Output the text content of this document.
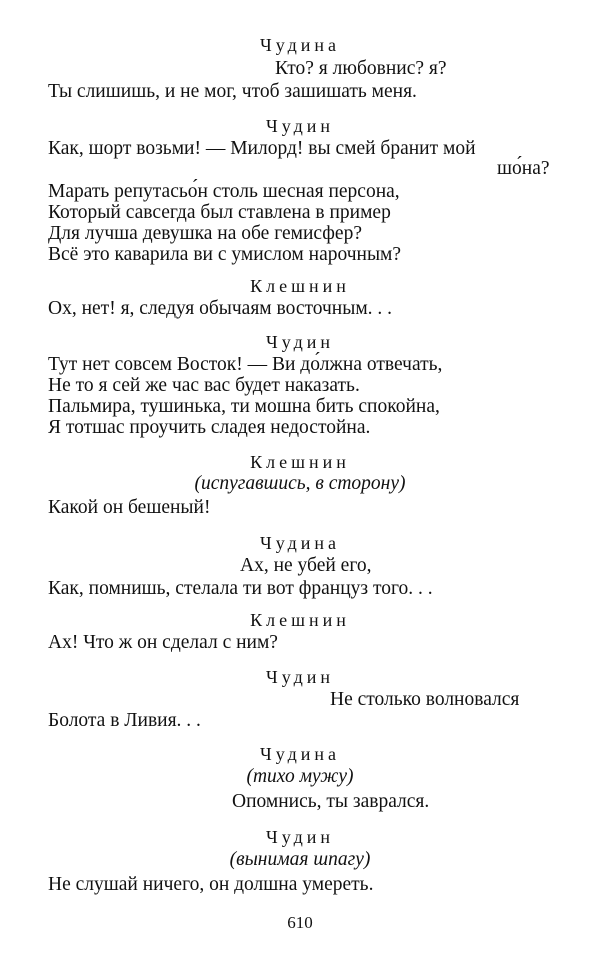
Чудина
Кто? я любовнис? я?
Ты слишишь, и не мог, чтоб зашишать меня.
Чудин
Как, шорт возьми! — Милорд! вы смей бранит мой
шо́на?
Марать репутасьо́н столь шесная персона,
Который савсегда был ставлена в пример
Для лучша девушка на обе гемисфер?
Всё это каварила ви с умислом нарочным?
Клешнин
Ох, нет! я, следуя обычаям восточным. . .
Чудин
Тут нет совсем Восток! — Ви до́лжна отвечать,
Не то я сей же час вас будет наказать.
Пальмира, тушинька, ти мошна бить спокойна,
Я тотшас проучить сладея недостойна.
Клешнин
(испугавшись, в сторону)
Какой он бешеный!
Чудина
Ах, не убей его,
Как, помнишь, стелала ти вот француз того. . .
Клешнин
Ах! Что ж он сделал с ним?
Чудин
Не столько волновался
Болота в Ливия. . .
Чудина
(тихо мужу)
Опомнись, ты заврался.
Чудин
(вынимая шпагу)
Не слушай ничего, он долшна умереть.
610
